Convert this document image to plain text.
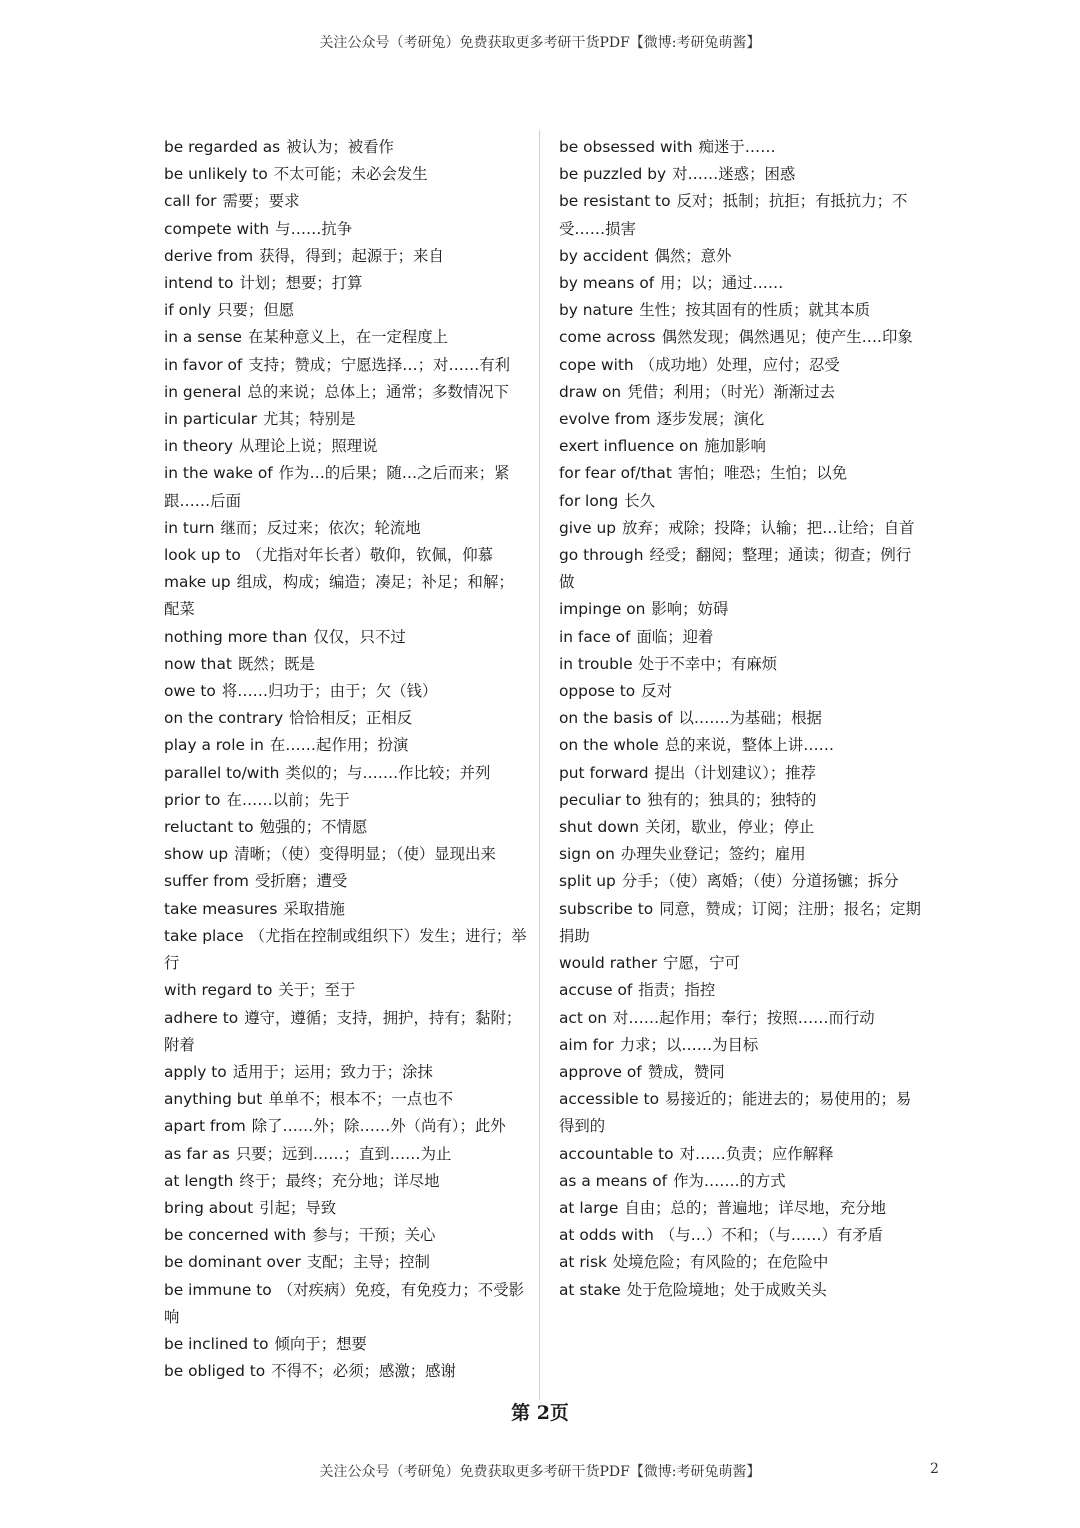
关注公众号（考研兔）免费获取更多考研干货PDF【微博:考研兔萌酱】
be regarded as 被认为；被看作
be unlikely to 不太可能；未必会发生
call for 需要；要求
compete with 与……抗争
derive from 获得，得到；起源于；来自
intend to 计划；想要；打算
if only 只要；但愿
in a sense 在某种意义上，在一定程度上
in favor of 支持；赞成；宁愿选择…；对……有利
in general 总的来说；总体上；通常；多数情况下
in particular 尤其；特别是
in theory 从理论上说；照理说
in the wake of 作为…的后果；随…之后而来；紧跟……后面
in turn 继而；反过来；依次；轮流地
look up to （尤指对年长者）敬仰，钦佩，仰慕
make up 组成，构成；编造；凑足；补足；和解；配菜
nothing more than 仅仅，只不过
now that 既然；既是
owe to 将……归功于；由于；欠（钱）
on the contrary 恰恰相反；正相反
play a role in 在……起作用；扮演
parallel to/with 类似的；与…….作比较；并列
prior to 在……以前；先于
reluctant to 勉强的；不情愿
show up 清晰；（使）变得明显；（使）显现出来
suffer from 受折磨；遭受
take measures 采取措施
take place （尤指在控制或组织下）发生；进行；举行
with regard to 关于；至于
adhere to 遵守，遵循；支持，拥护，持有；黏附；附着
apply to 适用于；运用；致力于；涂抹
anything but 单单不；根本不；一点也不
apart from 除了……外；除……外（尚有）；此外
as far as 只要；远到……；直到……为止
at length 终于；最终；充分地；详尽地
bring about 引起；导致
be concerned with 参与；干预；关心
be dominant over 支配；主导；控制
be immune to （对疾病）免疫，有免疫力；不受影响
be inclined to 倾向于；想要
be obliged to 不得不；必须；感激；感谢
be obsessed with 痴迷于……
be puzzled by 对……迷惑；困惑
be resistant to 反对；抵制；抗拒；有抵抗力；不受……损害
by accident 偶然；意外
by means of 用；以；通过……
by nature 生性；按其固有的性质；就其本质
come across 偶然发现；偶然遇见；使产生….印象
cope with （成功地）处理，应付；忍受
draw on 凭借；利用；（时光）渐渐过去
evolve from 逐步发展；演化
exert influence on 施加影响
for fear of/that 害怕；唯恐；生怕；以免
for long 长久
give up 放弃；戒除；投降；认输；把…让给；自首
go through 经受；翻阅；整理；通读；彻查；例行做
impinge on 影响；妨碍
in face of 面临；迎着
in trouble 处于不幸中；有麻烦
oppose to 反对
on the basis of 以…….为基础；根据
on the whole 总的来说，整体上讲……
put forward 提出（计划建议）；推荐
peculiar to 独有的；独具的；独特的
shut down 关闭，歇业，停业；停止
sign on 办理失业登记；签约；雇用
split up 分手；（使）离婚；（使）分道扬镳；拆分
subscribe to 同意，赞成；订阅；注册；报名；定期捐助
would rather 宁愿，宁可
accuse of 指责；指控
act on 对……起作用；奉行；按照……而行动
aim for 力求；以……为目标
approve of 赞成，赞同
accessible to 易接近的；能进去的；易使用的；易得到的
accountable to 对……负责；应作解释
as a means of 作为…….的方式
at large 自由；总的；普遍地；详尽地，充分地
at odds with （与…）不和；（与……）有矛盾
at risk 处境危险；有风险的；在危险中
at stake 处于危险境地；处于成败关头
第 2页
关注公众号（考研兔）免费获取更多考研干货PDF【微博:考研兔萌酱】	2
